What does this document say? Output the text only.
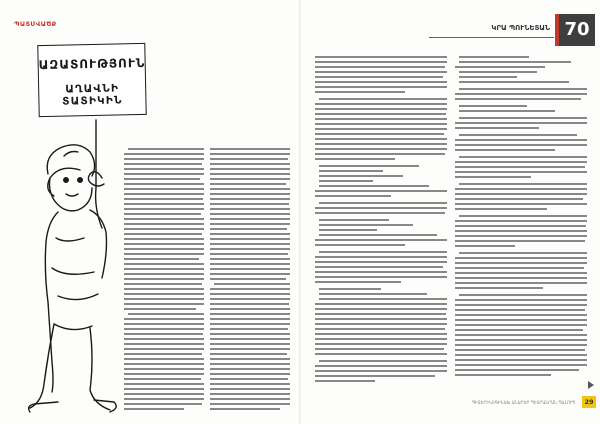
ՊԱՏՄՎԱԾՔ
ԱԶԱՏՈՒԹՅՈՒՆ
ԱՂԱՎՆԻ ՏԱՏԻԿԻՆ
ԿՐԱ ՊՈՒՆԵՏԱՆ 70
ՊԻՏԵՐԻՆԵԳԻՆԱԽ ԱՆԱՐԵԲ ՊԵՏՐԱՆՐԱՆ ՊԱԼՈՒՊ	29
